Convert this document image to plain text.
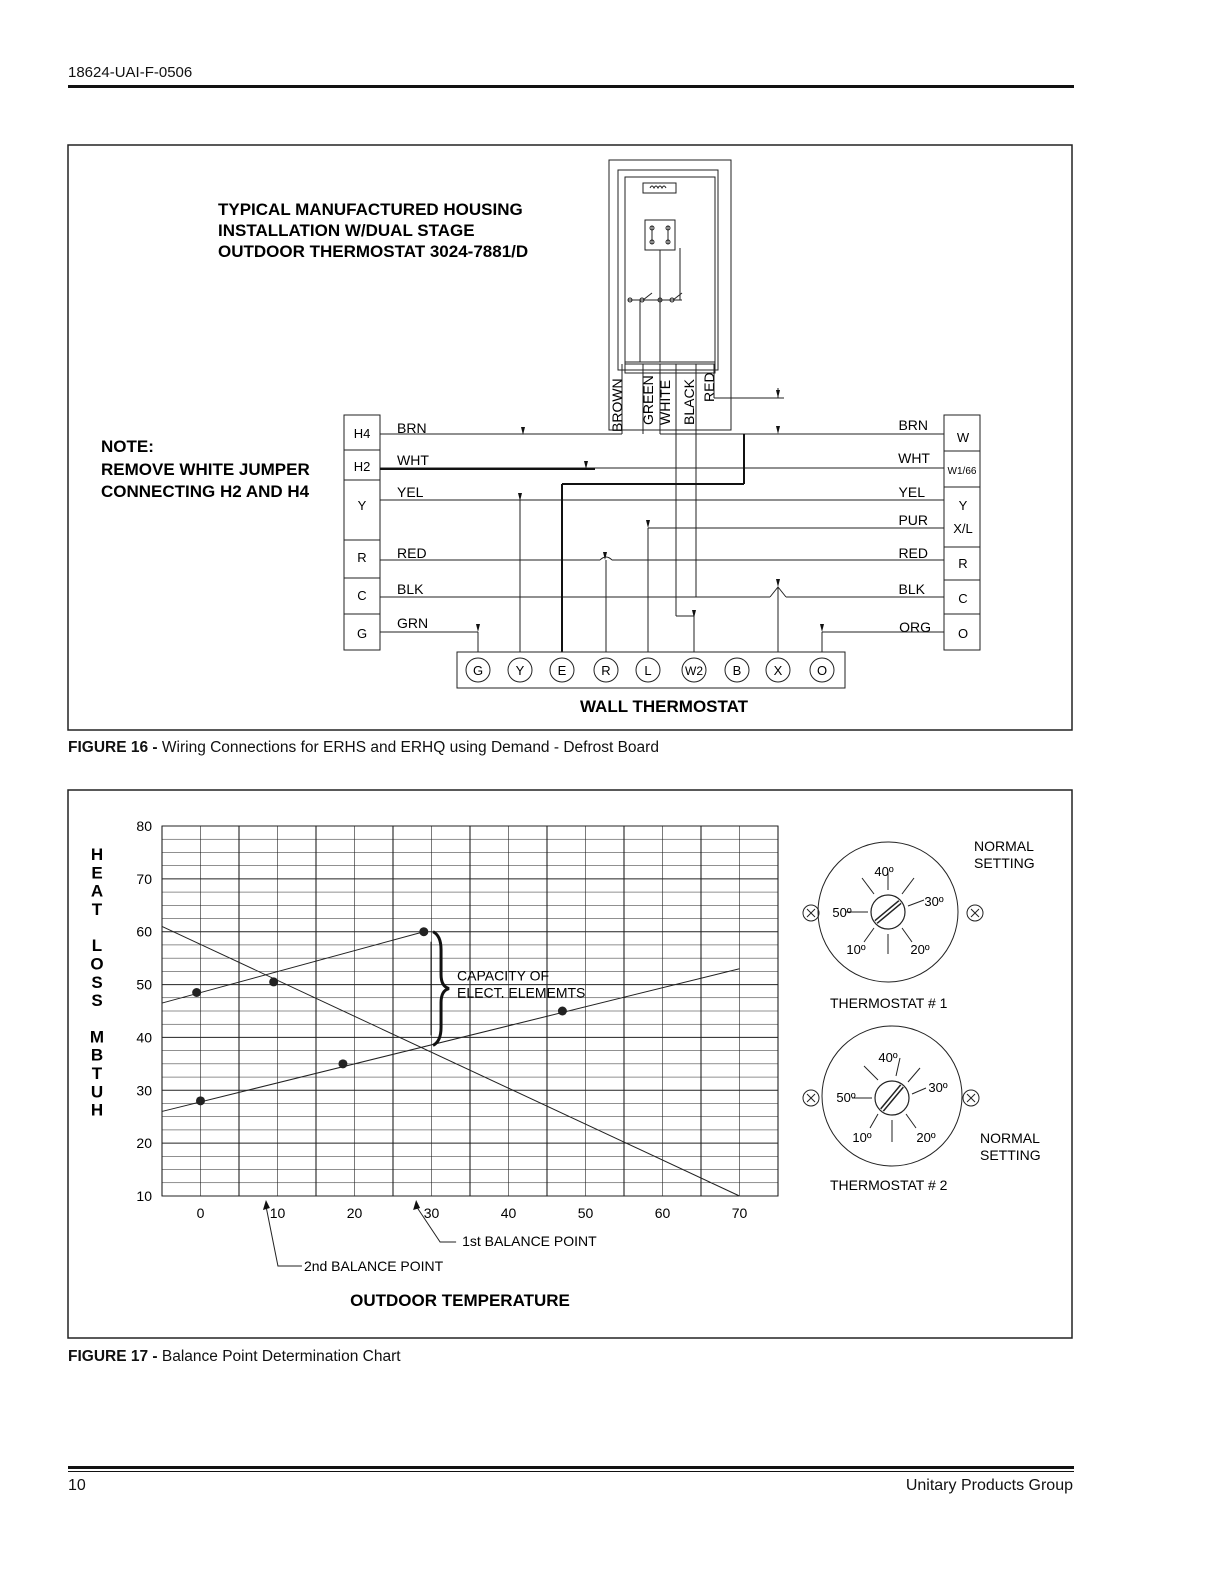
18624-UAI-F-0506
TYPICAL MANUFACTURED HOUSING
INSTALLATION W/DUAL STAGE
OUTDOOR THERMOSTAT 3024-7881/D
NOTE:
REMOVE WHITE JUMPER
CONNECTING H2 AND H4
BROWN GREEN WHITE BLACK RED
H4
H2
Y
R
C
G
BRN
WHT
YEL
RED
BLK
GRN
W
W1/66
Y
X/L
R
C
O
BRN
WHT
YEL
PUR
RED
BLK
ORG
G	Y	E	R	L	W2 B X	O
WALL THERMOSTAT
FIGURE 16 - Wiring Connections for ERHS and ERHQ using Demand - Defrost Board
10
20
30
40
50
60
70
80
0	10	20	30	40	50	60	70
H E A T L O S S M B T U H
CAPACITY OF
ELECT. ELEMEMTS
1st BALANCE POINT
2nd BALANCE POINT
OUTDOOR TEMPERATURE
40º
30º
50º
10º	20º
NORMAL
SETTING
THERMOSTAT # 1
40º
30º
50º
10º	20º	NORMAL
SETTING
THERMOSTAT # 2
FIGURE 17 - Balance Point Determination Chart
10	Unitary Products Group
